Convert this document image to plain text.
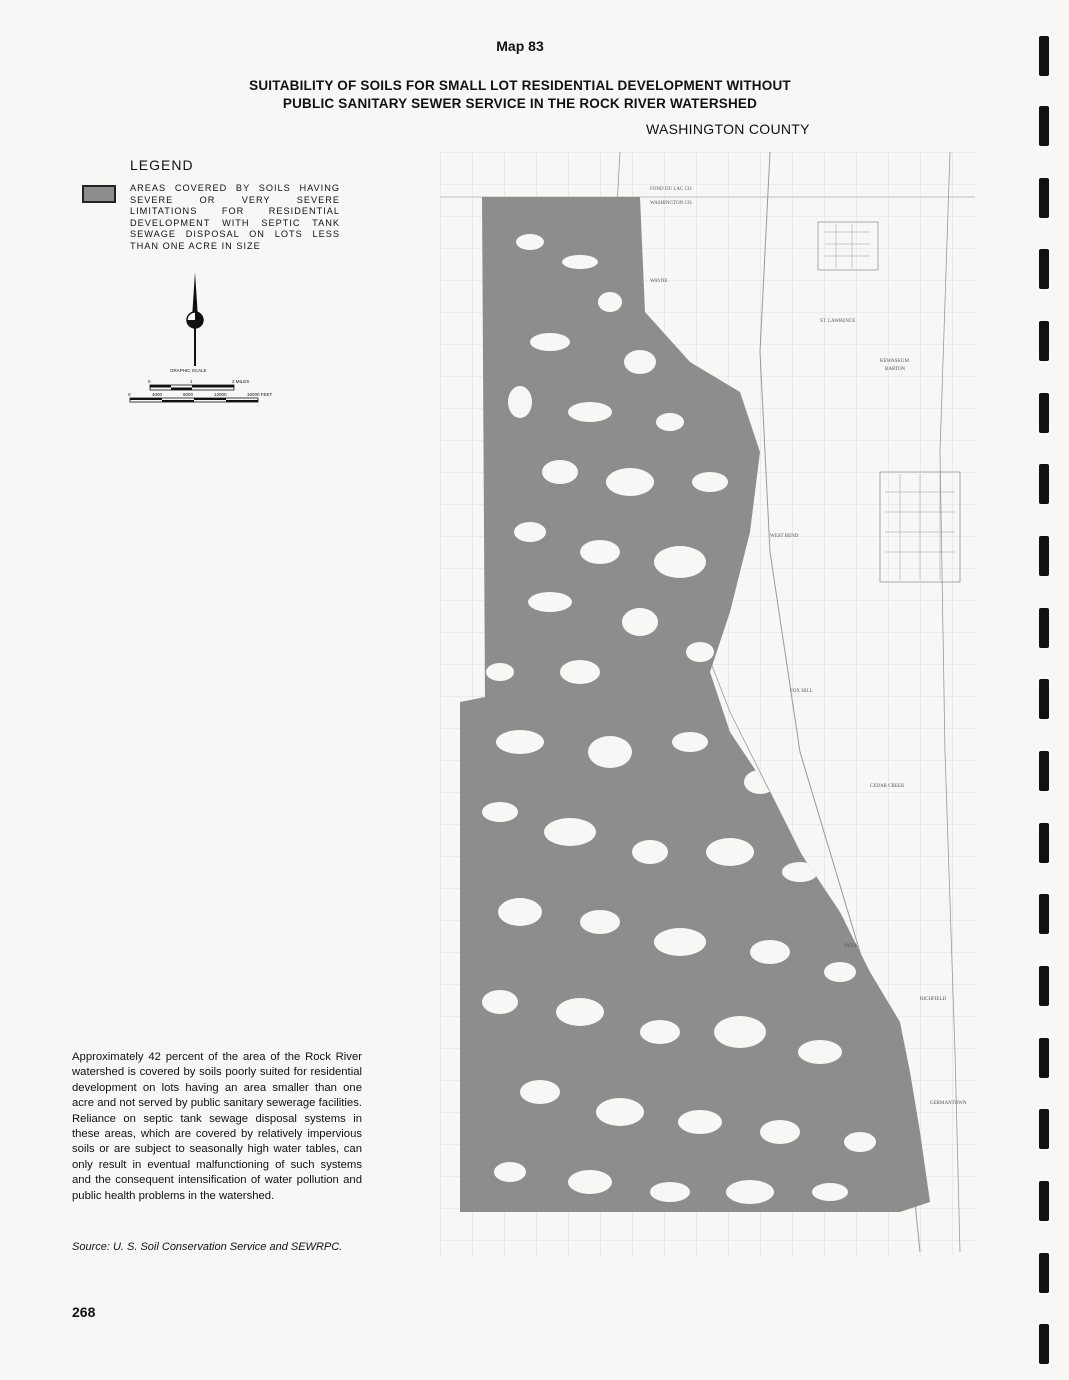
Map 83
SUITABILITY OF SOILS FOR SMALL LOT RESIDENTIAL DEVELOPMENT WITHOUT
PUBLIC SANITARY SEWER SERVICE IN THE ROCK RIVER WATERSHED
WASHINGTON COUNTY
LEGEND
AREAS COVERED BY SOILS HAVING SEVERE OR VERY SEVERE LIMITATIONS FOR RESIDENTIAL DEVELOPMENT WITH SEPTIC TANK SEWAGE DISPOSAL ON LOTS LESS THAN ONE ACRE IN SIZE
GRAPHIC SCALE
0	1	2 MILES
0	4000	8000	12000	16000 FEET
Approximately 42 percent of the area of the Rock River watershed is covered by soils poorly suited for residential development on lots having an area smaller than one acre and not served by public sanitary sewerage facilities. Reliance on septic tank sewage disposal systems in these areas, which are covered by relatively impervious soils or are subject to seasonally high water tables, can only result in eventual malfunctioning of such systems and the consequent intensification of water pollution and public health problems in the watershed.
Source: U. S. Soil Conservation Service and SEWRPC.
268
FOND DU LAC CO.
WASHINGTON CO.
KEWASKUM
BARTON
WEST BEND
FOX HILL
CEDAR CREEK
POLK
RICHFIELD
GERMANTOWN
WAYNE
ST. LAWRENCE
